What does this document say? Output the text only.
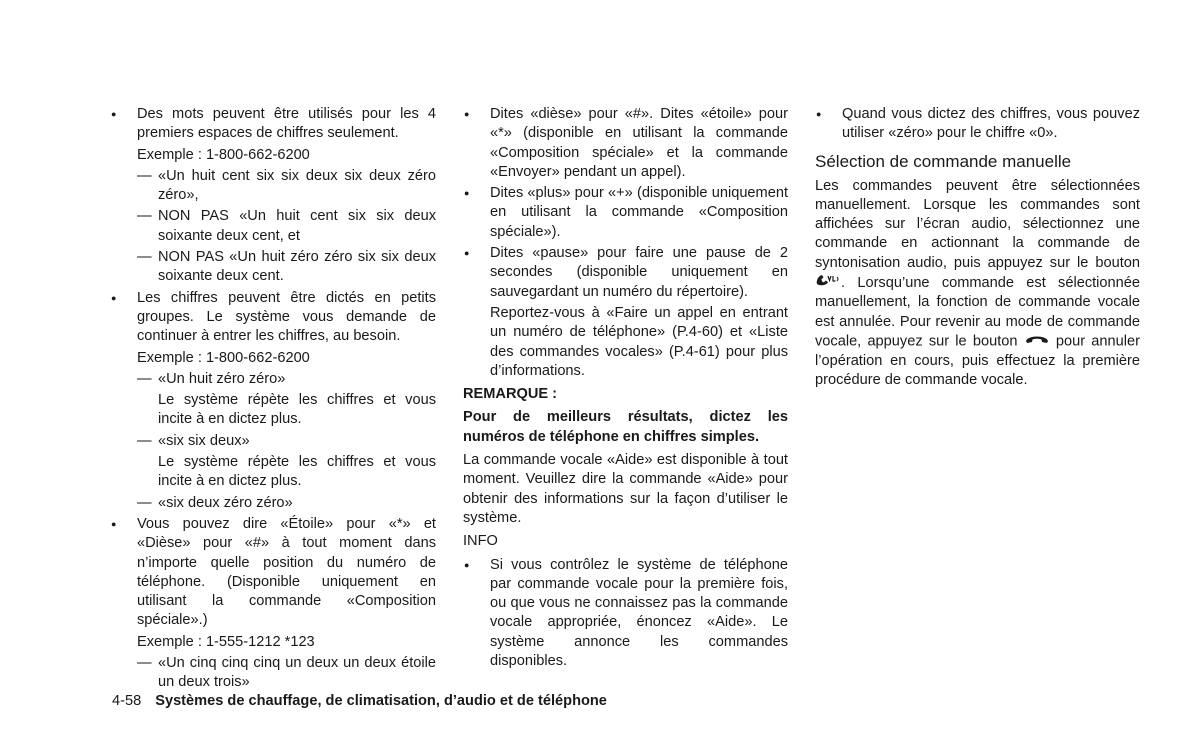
● Des mots peuvent être utilisés pour les 4 premiers espaces de chiffres seulement.

Exemple : 1-800-662-6200

— «Un huit cent six six deux six deux zéro zéro»,

— NON PAS «Un huit cent six six deux soixante deux cent, et

— NON PAS «Un huit zéro zéro six six deux soixante deux cent.

● Les chiffres peuvent être dictés en petits groupes. Le système vous demande de continuer à entrer les chiffres, au besoin.

Exemple : 1-800-662-6200

— «Un huit zéro zéro»

Le système répète les chiffres et vous incite à en dictez plus.

— «six six deux»

Le système répète les chiffres et vous incite à en dictez plus.

— «six deux zéro zéro»

● Vous pouvez dire «Étoile» pour «*» et «Dièse» pour «#» à tout moment dans n’importe quelle position du numéro de téléphone. (Disponible uniquement en utilisant la commande «Composition spéciale».)

Exemple : 1-555-1212 *123

— «Un cinq cinq cinq un deux un deux étoile un deux trois»

● Dites «dièse» pour «#». Dites «étoile» pour «*» (disponible en utilisant la commande «Composition spéciale» et la commande «Envoyer» pendant un appel).

● Dites «plus» pour «+» (disponible uniquement en utilisant la commande «Composition spéciale»).

● Dites «pause» pour faire une pause de 2 secondes (disponible uniquement en sauvegardant un numéro du répertoire).

Reportez-vous à «Faire un appel en entrant un numéro de téléphone» (P.4-60) et «Liste des commandes vocales» (P.4-61) pour plus d’informations.

REMARQUE :

Pour de meilleurs résultats, dictez les numéros de téléphone en chiffres simples.

La commande vocale «Aide» est disponible à tout moment. Veuillez dire la commande «Aide» pour obtenir des informations sur la façon d’utiliser le système.

INFO

● Si vous contrôlez le système de téléphone par commande vocale pour la première fois, ou que vous ne connaissez pas la commande vocale appropriée, énoncez «Aide». Le système annonce les commandes disponibles.

● Quand vous dictez des chiffres, vous pouvez utiliser «zéro» pour le chiffre «0».

Sélection de commande manuelle

Les commandes peuvent être sélectionnées manuellement. Lorsque les commandes sont affichées sur l’écran audio, sélectionnez une commande en actionnant la commande de syntonisation audio, puis appuyez sur le bouton . Lorsqu’une commande est sélectionnée manuellement, la fonction de commande vocale est annulée. Pour revenir au mode de commande vocale, appuyez sur le bouton	pour annuler l’opération en cours, puis effectuez la première procédure de commande vocale.

4-58 Systèmes de chauffage, de climatisation, d’audio et de téléphone
